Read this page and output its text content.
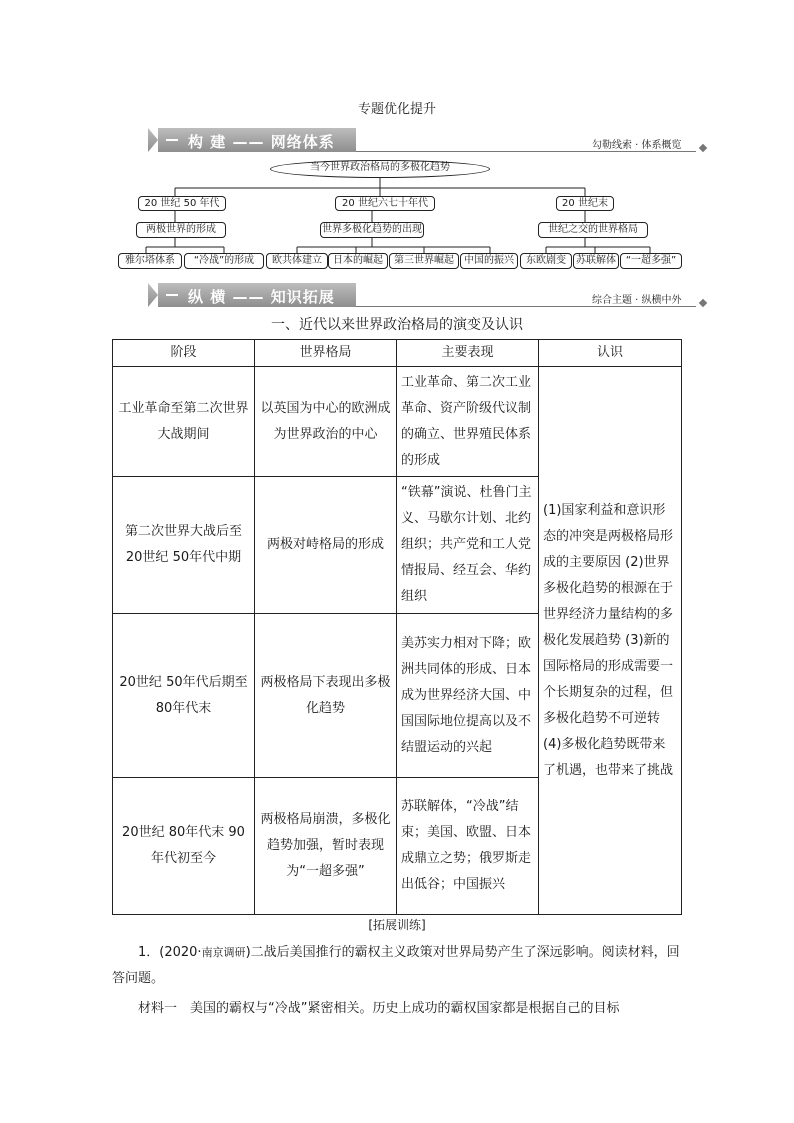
专题优化提升
构 建 —— 网络体系	勾勒线索 · 体系概览
当今世界政治格局的多极化趋势
20 世纪 50 年代	20 世纪六七十年代	20 世纪末
两极世界的形成	世界多极化趋势的出现	世纪之交的世界格局
雅尔塔体系	“冷战”的形成	欧共体建立	日本的崛起	第三世界崛起	中国的振兴	东欧剧变	苏联解体 “一超多强”
纵 横 —— 知识拓展	综合主题 · 纵横中外
一、近代以来世界政治格局的演变及认识
阶段	世界格局	主要表现	认识
工业革命至第二次世界大战期间	以英国为中心的欧洲成为世界政治的中心	工业革命、第二次工业革命、资产阶级代议制的确立、世界殖民体系的形成	(1)国家利益和意识形态的冲突是两极格局形成的主要原因 (2)世界多极化趋势的根源在于世界经济力量结构的多极化发展趋势 (3)新的国际格局的形成需要一个长期复杂的过程，但多极化趋势不可逆转 (4)多极化趋势既带来了机遇，也带来了挑战
第二次世界大战后至20世纪 50年代中期	两极对峙格局的形成	“铁幕”演说、杜鲁门主义、马歇尔计划、北约组织；共产党和工人党情报局、经互会、华约组织	
20世纪 50年代后期至 80年代末	两极格局下表现出多极化趋势	美苏实力相对下降；欧洲共同体的形成、日本成为世界经济大国、中国国际地位提高以及不结盟运动的兴起	
20世纪 80年代末 90年代初至今	两极格局崩溃，多极化趋势加强，暂时表现为“一超多强”	苏联解体，“冷战”结束；美国、欧盟、日本成鼎立之势；俄罗斯走出低谷；中国振兴	
[拓展训练]
1．(2020·南京调研)二战后美国推行的霸权主义政策对世界局势产生了深远影响。阅读材料，回答问题。
材料一　 美国的霸权与“冷战”紧密相关。历史上成功的霸权国家都是根据自己的目标
